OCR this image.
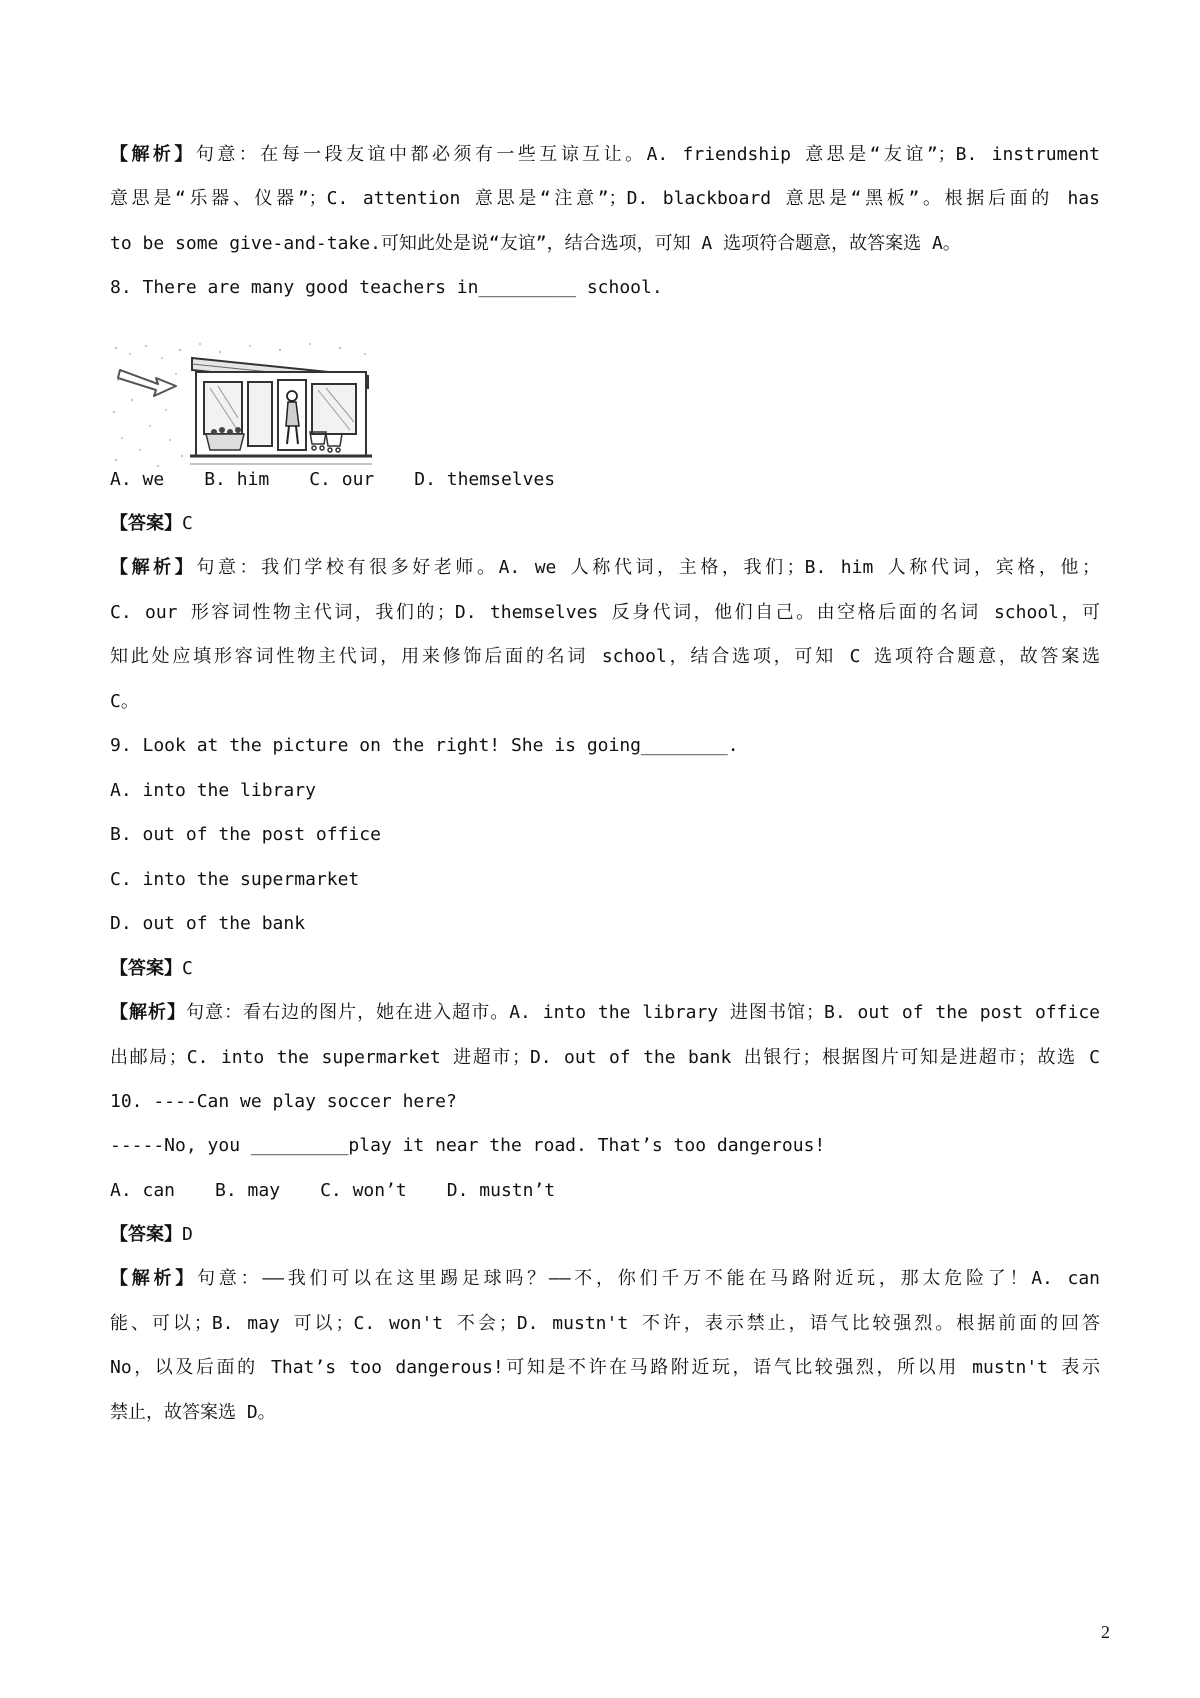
【解析】句意：在每一段友谊中都必须有一些互谅互让。A. friendship 意思是“友谊”；B. instrument
意思是“乐器、仪器”；C. attention 意思是“注意”；D. blackboard 意思是“黑板”。根据后面的 has
to be some give-and-take.可知此处是说“友谊”，结合选项，可知 A 选项符合题意，故答案选 A。
8. There are many good teachers in_________ school.
A. we B. him C. our D. themselves
【答案】C
【解析】句意：我们学校有很多好老师。A. we 人称代词，主格，我们；B. him 人称代词，宾格，他；
C. our 形容词性物主代词，我们的；D. themselves 反身代词，他们自己。由空格后面的名词 school，可
知此处应填形容词性物主代词，用来修饰后面的名词 school，结合选项，可知 C 选项符合题意，故答案选
C。
9. Look at the picture on the right! She is going________.
A. into the library
B. out of the post office
C. into the supermarket
D. out of the bank
【答案】C
【解析】句意：看右边的图片，她在进入超市。A. into the library 进图书馆；B. out of the post office
出邮局；C. into the supermarket 进超市；D. out of the bank 出银行；根据图片可知是进超市；故选 C
10. ----Can we play soccer here?
-----No, you _________play it near the road. That’s too dangerous!
A. can B. may C. won’t D. mustn’t
【答案】D
【解析】句意：——我们可以在这里踢足球吗？——不，你们千万不能在马路附近玩，那太危险了！A. can
能、可以；B. may 可以；C. won't 不会；D. mustn't 不许，表示禁止，语气比较强烈。根据前面的回答
No，以及后面的 That’s too dangerous!可知是不许在马路附近玩，语气比较强烈，所以用 mustn't 表示
禁止，故答案选 D。
2
